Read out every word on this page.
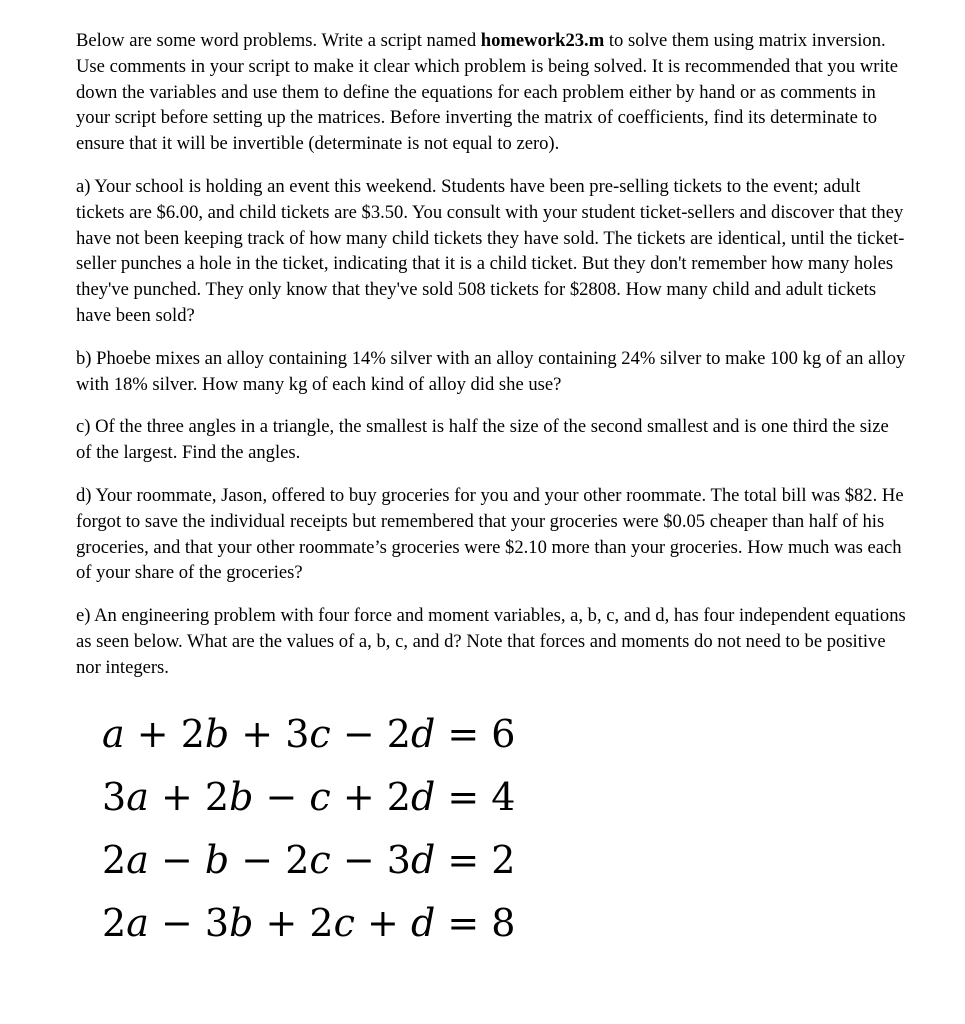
Below are some word problems. Write a script named homework23.m to solve them using matrix inversion. Use comments in your script to make it clear which problem is being solved. It is recommended that you write down the variables and use them to define the equations for each problem either by hand or as comments in your script before setting up the matrices. Before inverting the matrix of coefficients, find its determinate to ensure that it will be invertible (determinate is not equal to zero).

a) Your school is holding an event this weekend. Students have been pre-selling tickets to the event; adult tickets are $6.00, and child tickets are $3.50. You consult with your student ticket-sellers and discover that they have not been keeping track of how many child tickets they have sold. The tickets are identical, until the ticket-seller punches a hole in the ticket, indicating that it is a child ticket. But they don't remember how many holes they've punched. They only know that they've sold 508 tickets for $2808. How many child and adult tickets have been sold?

b) Phoebe mixes an alloy containing 14% silver with an alloy containing 24% silver to make 100 kg of an alloy with 18% silver. How many kg of each kind of alloy did she use?

c) Of the three angles in a triangle, the smallest is half the size of the second smallest and is one third the size of the largest. Find the angles.

d) Your roommate, Jason, offered to buy groceries for you and your other roommate. The total bill was $82. He forgot to save the individual receipts but remembered that your groceries were $0.05 cheaper than half of his groceries, and that your other roommate’s groceries were $2.10 more than your groceries. How much was each of your share of the groceries?

e) An engineering problem with four force and moment variables, a, b, c, and d, has four independent equations as seen below. What are the values of a, b, c, and d? Note that forces and moments do not need to be positive nor integers.

a + 2b + 3c − 2d = 6
3a + 2b − c + 2d = 4
2a − b − 2c − 3d = 2
2a − 3b + 2c + d = 8
